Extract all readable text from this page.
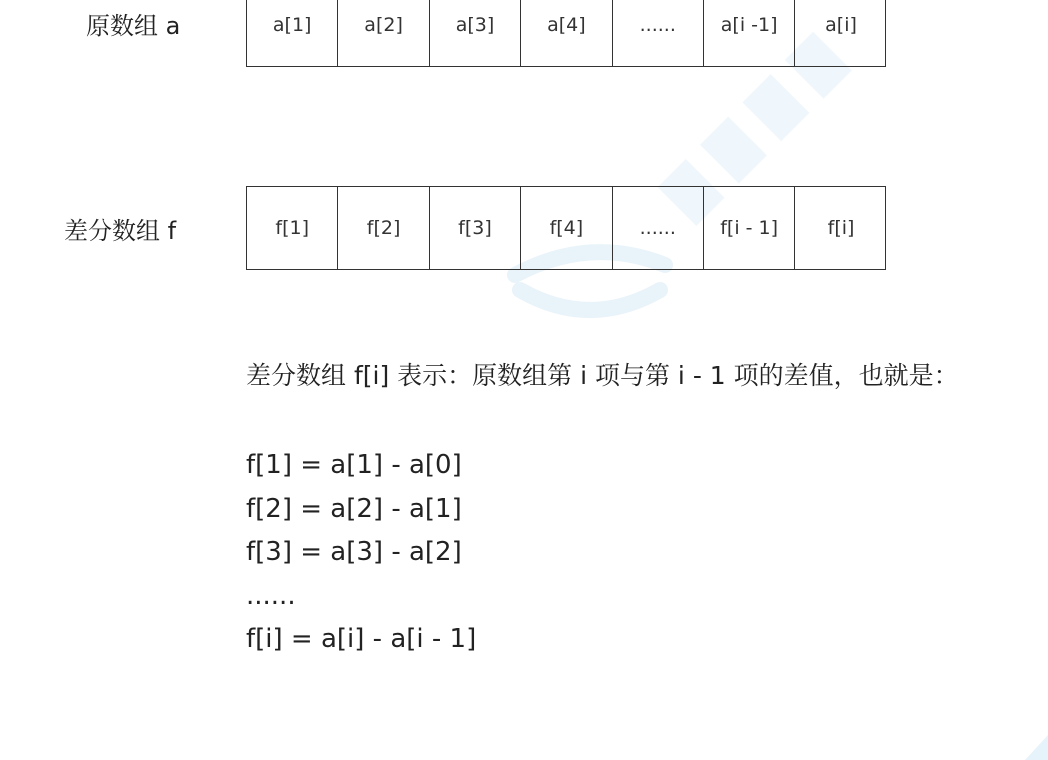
原数组 a	a[1]	a[2]	a[3]	a[4]	......	a[i -1]	a[i]
差分数组 f	f[1]	f[2]	f[3]	f[4]	......	f[i - 1]	f[i]
差分数组 f[i] 表示：原数组第 i 项与第 i - 1 项的差值，也就是：
f[1] = a[1] - a[0]
f[2] = a[2] - a[1]
f[3] = a[3] - a[2]
......
f[i] = a[i] - a[i - 1]
